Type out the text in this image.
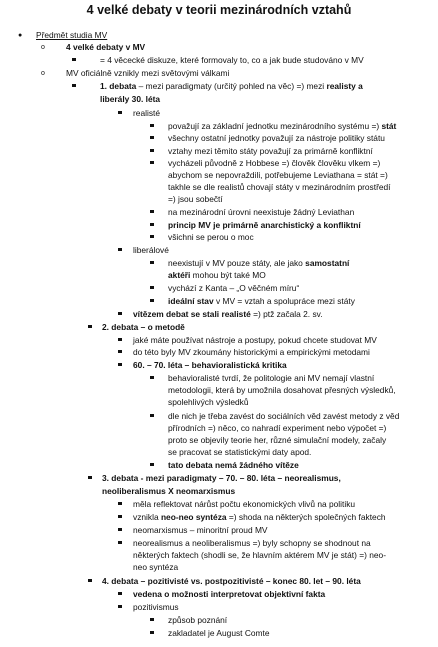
4 velké debaty v teorii mezinárodních vztahů
● Předmět studia MV
o	4 velké debaty v MV
= 4 věcecké diskuze, které formovaly to, co a jak bude studováno v MV
o	MV oficiálně vznikly mezi světovými válkami
1. debata – mezi paradigmaty (určitý pohled na věc) =) mezi realisty a
liberály 30. léta
realisté
považují za základní jednotku mezinárodního systému =) stát
všechny ostatní jednotky považují za nástroje politiky státu
vztahy mezi těmito státy považují za primárně konfliktní
vycházeli původně z Hobbese =) člověk člověku vlkem =)
abychom se nepovraždili, potřebujeme Leviathana = stát =)
takhle se dle realistů chovají státy v mezinárodním prostředí
=) jsou sobečtí
na mezinárodní úrovni neexistuje žádný Leviathan
princip MV je primárně anarchistický a konfliktní
všichni se perou o moc
liberálové
neexistují v MV pouze státy, ale jako samostatní
aktéři mohou být také MO
vychází z Kanta – „O věčném míru“
ideální stav v MV = vztah a spolupráce mezi státy
vítězem debat se stali realisté =) ptž začala 2. sv.
2. debata – o metodě
jaké máte používat nástroje a postupy, pokud chcete studovat MV
do této byly MV zkoumány historickými a empirickými metodami
60. – 70. léta – behavioralistická kritika
behavioralisté tvrdí, že politologie ani MV nemají vlastní
metodologii, která by umožnila dosahovat přesných výsledků,
spolehlivých výsledků
dle nich je třeba zavést do sociálních věd zavést metody z věd
přírodních =) něco, co nahradí experiment nebo výpočet =)
proto se objevily teorie her, různé simulační modely, začaly
se pracovat se statistickými daty apod.
tato debata nemá žádného vítěze
3. debata - mezi paradigmaty – 70. – 80. léta – neorealismus,
neoliberalismus X neomarxismus
měla reflektovat nárůst počtu ekonomických vlivů na politiku
vznikla neo-neo syntéza =) shoda na některých společných faktech
neomarxismus – minoritní proud MV
neorealismus a neoliberalismus =) byly schopny se shodnout na
některých faktech (shodli se, že hlavním aktérem MV je stát) =) neo-
neo syntéza
4. debata – pozitivisté vs. postpozitivisté – konec 80. let – 90. léta
vedena o možnosti interpretovat objektivní fakta
pozitivismus
způsob poznání
zakladatel je August Comte
